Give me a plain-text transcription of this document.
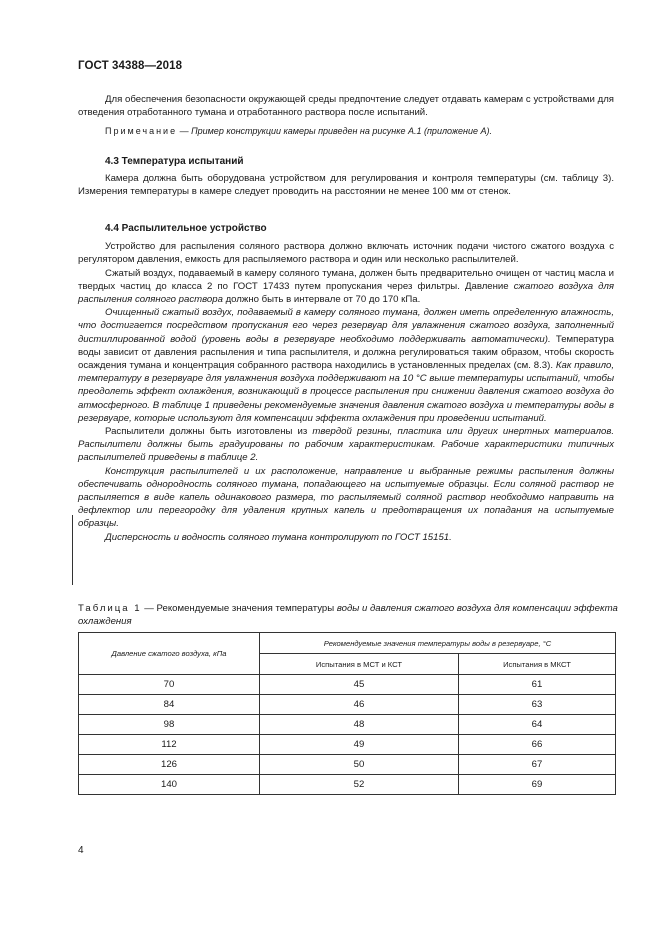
ГОСТ 34388—2018

Для обеспечения безопасности окружающей среды предпочтение следует отдавать камерам с устройствами для отведения отработанного тумана и отработанного раствора после испытаний.

Примечание — Пример конструкции камеры приведен на рисунке А.1 (приложение А).

4.3 Температура испытаний

Камера должна быть оборудована устройством для регулирования и контроля температуры (см. таблицу 3). Измерения температуры в камере следует проводить на расстоянии не менее 100 мм от стенок.

4.4 Распылительное устройство

Устройство для распыления соляного раствора должно включать источник подачи чистого сжатого воздуха с регулятором давления, емкость для распыляемого раствора и один или несколько распылителей.

Сжатый воздух, подаваемый в камеру соляного тумана, должен быть предварительно очищен от частиц масла и твердых частиц до класса 2 по ГОСТ 17433 путем пропускания через фильтры. Давление сжатого воздуха для распыления соляного раствора должно быть в интервале от 70 до 170 кПа.

Очищенный сжатый воздух, подаваемый в камеру соляного тумана, должен иметь определенную влажность, что достигается посредством пропускания его через резервуар для увлажнения сжатого воздуха, заполненный дистиллированной водой (уровень воды в резервуаре необходимо поддерживать автоматически). Температура воды зависит от давления распыления и типа распылителя, и должна регулироваться таким образом, чтобы скорость осаждения тумана и концентрация собранного раствора находились в установленных пределах (см. 8.3). Как правило, температуру в резервуаре для увлажнения воздуха поддерживают на 10 °С выше температуры испытаний, чтобы преодолеть эффект охлаждения, возникающий в процессе распыления при снижении давления сжатого воздуха до атмосферного. В таблице 1 приведены рекомендуемые значения давления сжатого воздуха и температуры воды в резервуаре, которые используют для компенсации эффекта охлаждения при проведении испытаний.

Распылители должны быть изготовлены из твердой резины, пластика или других инертных материалов. Распылители должны быть градуированы по рабочим характеристикам. Рабочие характеристики типичных распылителей приведены в таблице 2.

Конструкция распылителей и их расположение, направление и выбранные режимы распыления должны обеспечивать однородность соляного тумана, попадающего на испытуемые образцы. Если соляной раствор не распыляется в виде капель одинакового размера, то распыляемый соляной раствор необходимо направить на дефлектор или перегородку для удаления крупных капель и предотвращения их попадания на испытуемые образцы.

Дисперсность и водность соляного тумана контролируют по ГОСТ 15151.

Таблица 1 — Рекомендуемые значения температуры воды и давления сжатого воздуха для компенсации эффекта охлаждения
Давление сжатого воздуха, кПа	Рекомендуемые значения температуры воды в резервуаре, °С	
	Испытания в МСТ и КСТ	Испытания в МКСТ
70	45	61
84	46	63
98	48	64
112	49	66
126	50	67
140	52	69
4
